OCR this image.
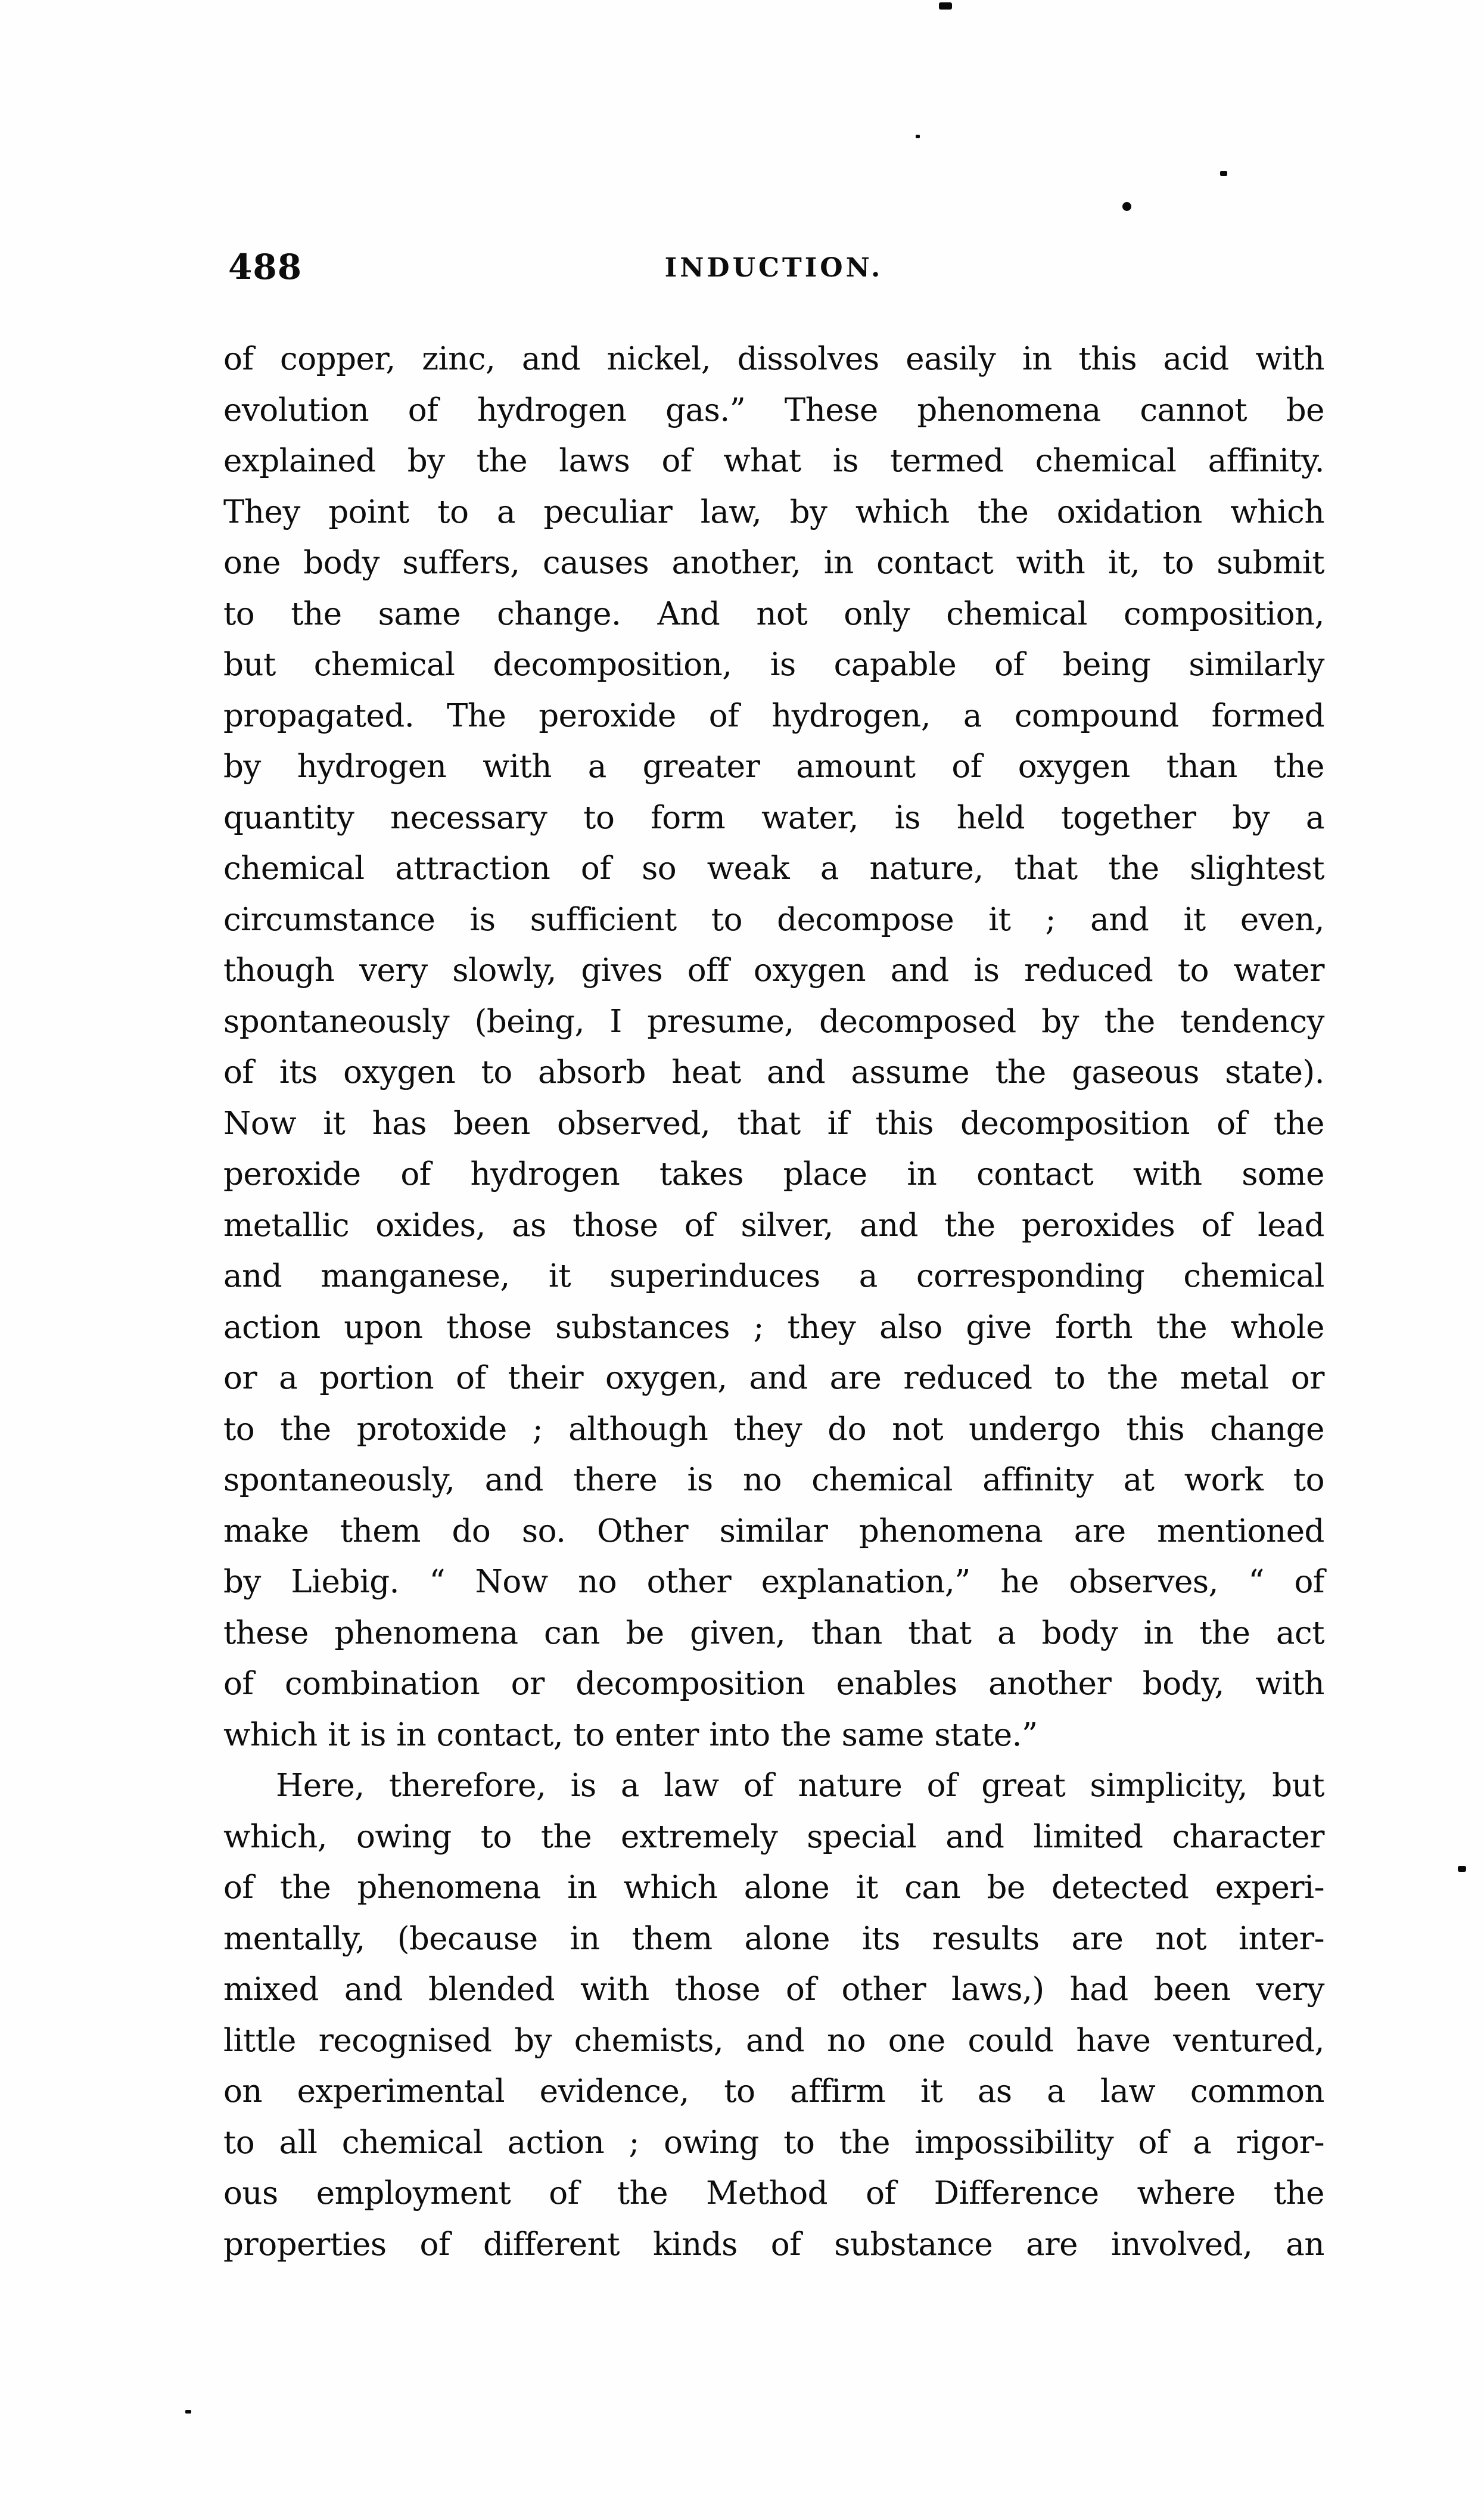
488	INDUCTION.
of copper, zinc, and nickel, dissolves easily in this acid with
evolution of hydrogen gas.” These phenomena cannot be
explained by the laws of what is termed chemical affinity.
They point to a peculiar law, by which the oxidation which
one body suffers, causes another, in contact with it, to submit
to the same change. And not only chemical composition,
but chemical decomposition, is capable of being similarly
propagated. The peroxide of hydrogen, a compound formed
by hydrogen with a greater amount of oxygen than the
quantity necessary to form water, is held together by a
chemical attraction of so weak a nature, that the slightest
circumstance is sufficient to decompose it ; and it even,
though very slowly, gives off oxygen and is reduced to water
spontaneously (being, I presume, decomposed by the tendency
of its oxygen to absorb heat and assume the gaseous state).
Now it has been observed, that if this decomposition of the
peroxide of hydrogen takes place in contact with some
metallic oxides, as those of silver, and the peroxides of lead
and manganese, it superinduces a corresponding chemical
action upon those substances ; they also give forth the whole
or a portion of their oxygen, and are reduced to the metal or
to the protoxide ; although they do not undergo this change
spontaneously, and there is no chemical affinity at work to
make them do so. Other similar phenomena are mentioned
by Liebig. “ Now no other explanation,” he observes, “ of
these phenomena can be given, than that a body in the act
of combination or decomposition enables another body, with
which it is in contact, to enter into the same state.”
Here, therefore, is a law of nature of great simplicity, but
which, owing to the extremely special and limited character
of the phenomena in which alone it can be detected experi-
mentally, (because in them alone its results are not inter-
mixed and blended with those of other laws,) had been very
little recognised by chemists, and no one could have ventured,
on experimental evidence, to affirm it as a law common
to all chemical action ; owing to the impossibility of a rigor-
ous employment of the Method of Difference where the
properties of different kinds of substance are involved, an
